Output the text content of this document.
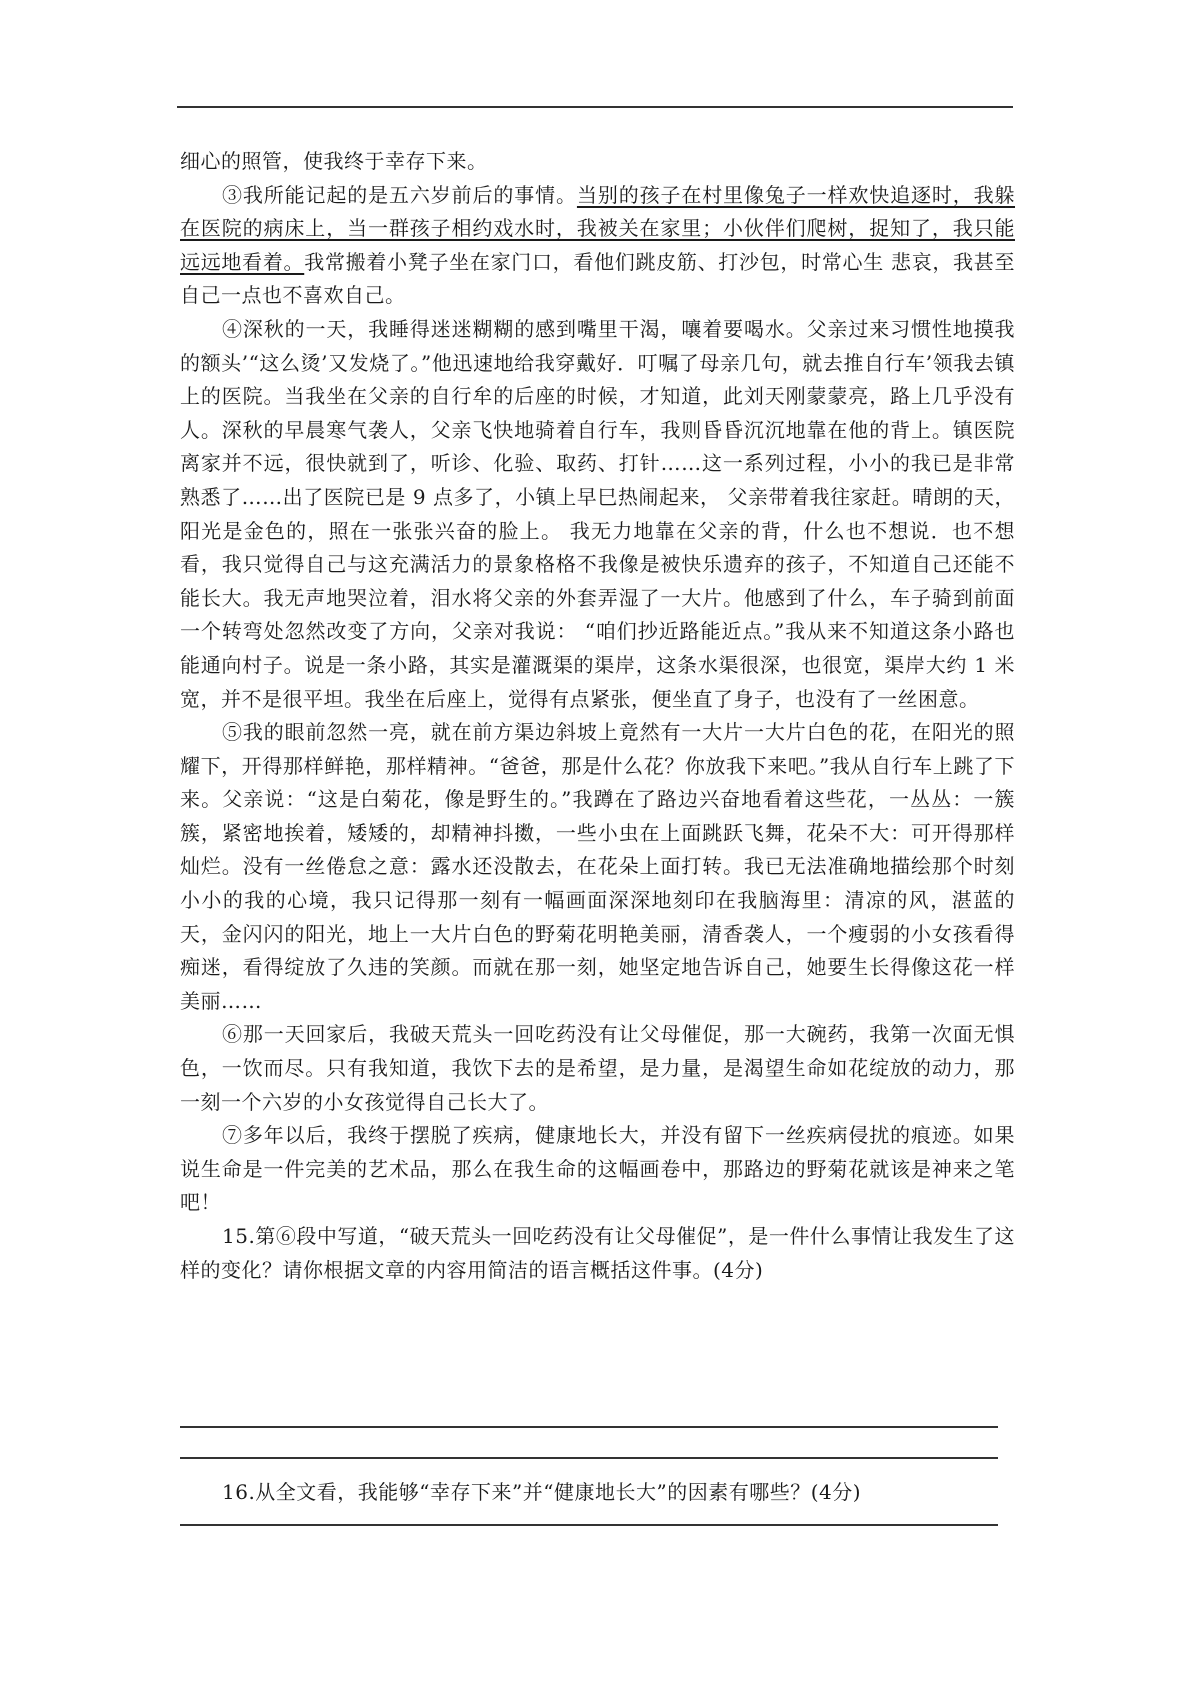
细心的照管，使我终于幸存下来。

③我所能记起的是五六岁前后的事情。当别的孩子在村里像兔子一样欢快追逐时，我躲在医院的病床上，当一群孩子相约戏水时，我被关在家里；小伙伴们爬树，捉知了，我只能远远地看着。我常搬着小凳子坐在家门口，看他们跳皮筋、打沙包，时常心生 悲哀，我甚至自己一点也不喜欢自己。

④深秋的一天，我睡得迷迷糊糊的感到嘴里干渴，嚷着要喝水。父亲过来习惯性地摸我的额头’“这么烫’又发烧了。”他迅速地给我穿戴好．叮嘱了母亲几句，就去推自行车’领我去镇上的医院。当我坐在父亲的自行牟的后座的时候，才知道，此刘天刚蒙蒙亮，路上几乎没有人。深秋的早晨寒气袭人，父亲飞快地骑着自行车，我则昏昏沉沉地靠在他的背上。镇医院离家并不远，很快就到了，听诊、化验、取药、打针……这一系列过程，小小的我已是非常熟悉了……出了医院已是 9 点多了，小镇上早巳热闹起来， 父亲带着我往家赶。晴朗的天，阳光是金色的，照在一张张兴奋的脸上。 我无力地靠在父亲的背，什么也不想说．也不想看，我只觉得自己与这充满活力的景象格格不我像是被快乐遗弃的孩子，不知道自己还能不能长大。我无声地哭泣着，泪水将父亲的外套弄湿了一大片。他感到了什么，车子骑到前面一个转弯处忽然改变了方向，父亲对我说： “咱们抄近路能近点。”我从来不知道这条小路也能通向村子。说是一条小路，其实是灌溉渠的渠岸，这条水渠很深，也很宽，渠岸大约 1 米宽，并不是很平坦。我坐在后座上，觉得有点紧张，便坐直了身子，也没有了一丝困意。

⑤我的眼前忽然一亮，就在前方渠边斜坡上竟然有一大片一大片白色的花，在阳光的照耀下，开得那样鲜艳，那样精神。“爸爸，那是什么花？你放我下来吧。”我从自行车上跳了下来。父亲说：“这是白菊花，像是野生的。”我蹲在了路边兴奋地看着这些花，一丛丛：一簇簇，紧密地挨着，矮矮的，却精神抖擞，一些小虫在上面跳跃飞舞，花朵不大：可开得那样灿烂。没有一丝倦怠之意：露水还没散去，在花朵上面打转。我已无法准确地描绘那个时刻小小的我的心境，我只记得那一刻有一幅画面深深地刻印在我脑海里：清凉的风，湛蓝的天，金闪闪的阳光，地上一大片白色的野菊花明艳美丽，清香袭人，一个瘦弱的小女孩看得痴迷，看得绽放了久违的笑颜。而就在那一刻，她坚定地告诉自己，她要生长得像这花一样美丽……

⑥那一天回家后，我破天荒头一回吃药没有让父母催促，那一大碗药，我第一次面无惧色，一饮而尽。只有我知道，我饮下去的是希望，是力量，是渴望生命如花绽放的动力，那一刻一个六岁的小女孩觉得自己长大了。

⑦多年以后，我终于摆脱了疾病，健康地长大，并没有留下一丝疾病侵扰的痕迹。如果说生命是一件完美的艺术品，那么在我生命的这幅画卷中，那路边的野菊花就该是神来之笔吧！

15.第⑥段中写道，“破天荒头一回吃药没有让父母催促”，是一件什么事情让我发生了这 样的变化？请你根据文章的内容用简洁的语言概括这件事。(4分)

16.从全文看，我能够“幸存下来”并“健康地长大”的因素有哪些？(4分)
